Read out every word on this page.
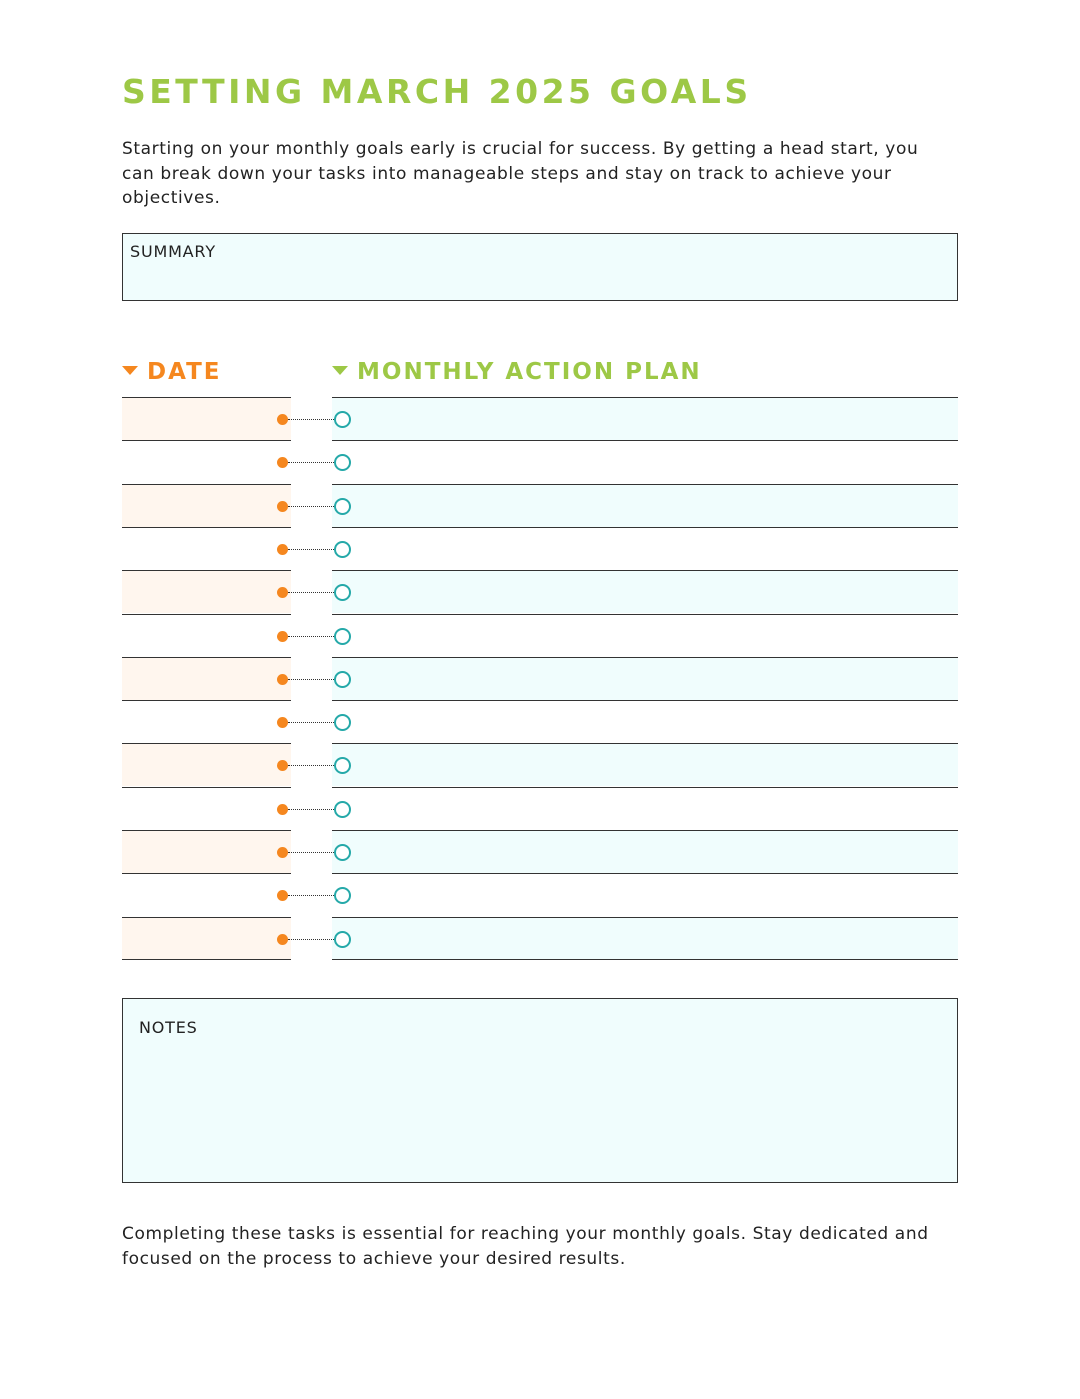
SETTING MARCH 2025 GOALS

Starting on your monthly goals early is crucial for success. By getting a head start, you can break down your tasks into manageable steps and stay on track to achieve your objectives.

SUMMARY
DATE	MONTHLY ACTION PLAN
NOTES

Completing these tasks is essential for reaching your monthly goals. Stay dedicated and focused on the process to achieve your desired results.
